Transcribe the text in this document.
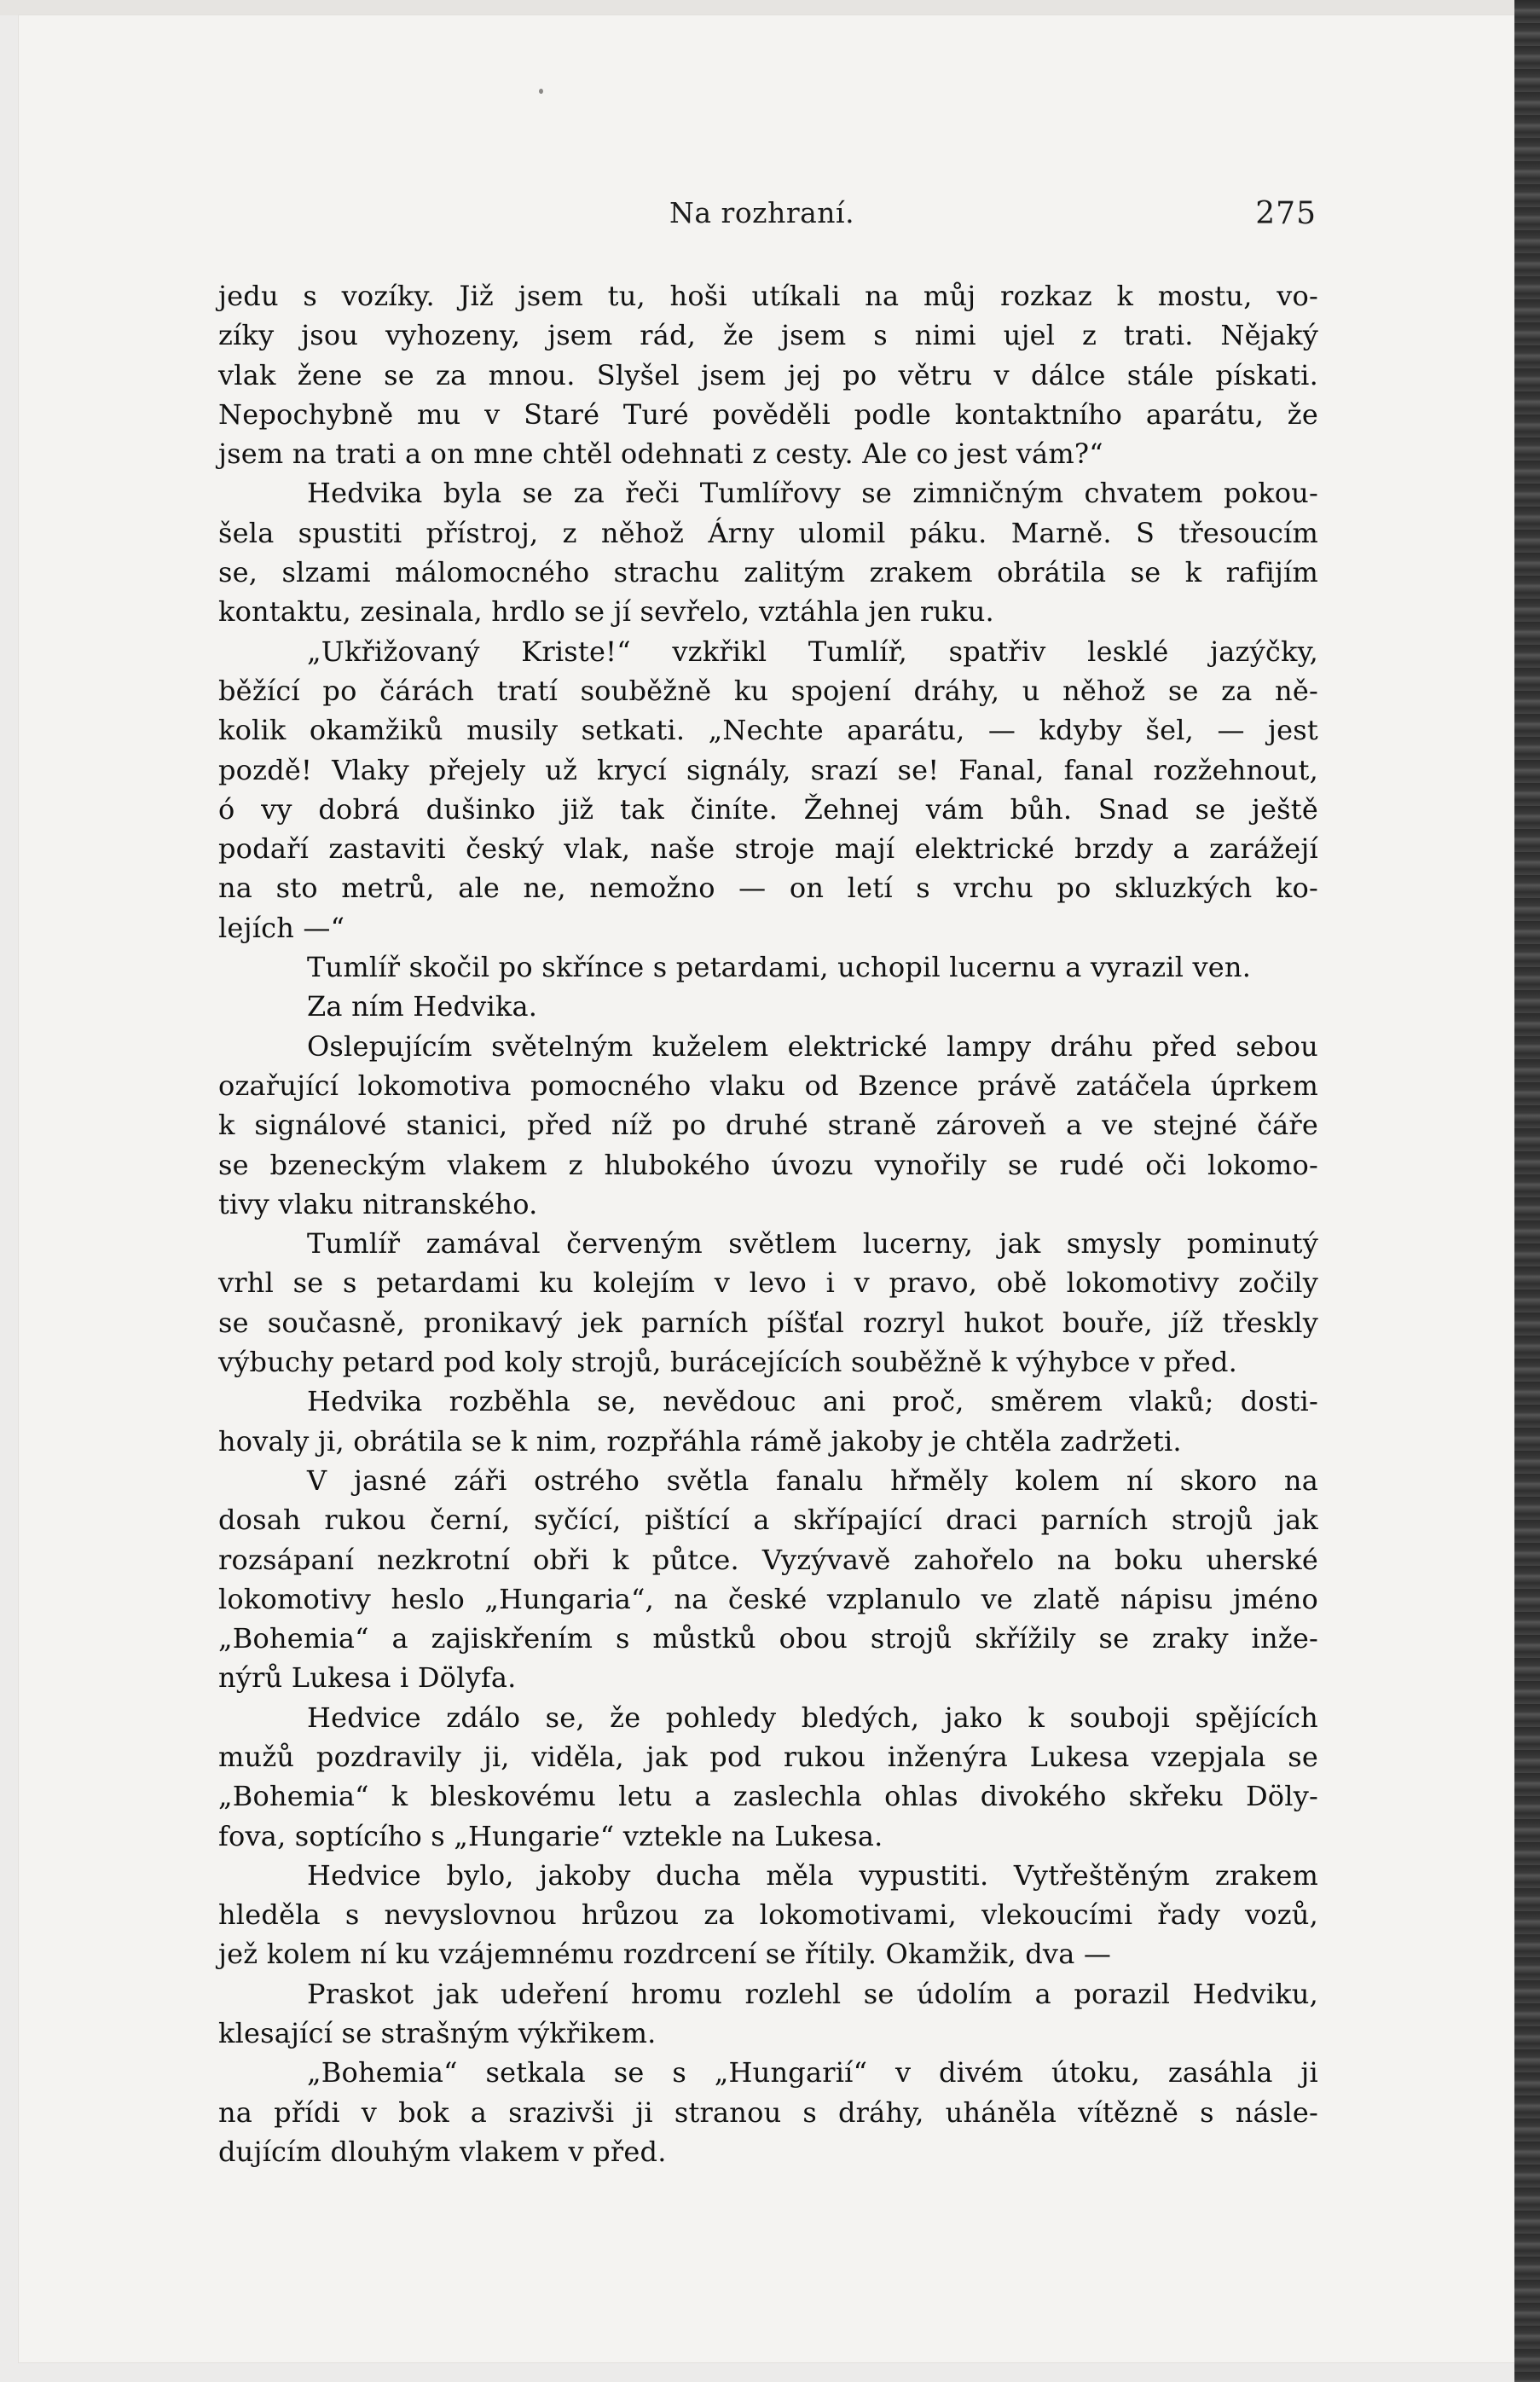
Na rozhraní.	275

jedu s vozíky. Již jsem tu, hoši utíkali na můj rozkaz k mostu, vo-

zíky jsou vyhozeny, jsem rád, že jsem s nimi ujel z trati. Nějaký

vlak žene se za mnou. Slyšel jsem jej po větru v dálce stále pískati.

Nepochybně mu v Staré Turé pověděli podle kontaktního aparátu, že

jsem na trati a on mne chtěl odehnati z cesty. Ale co jest vám?“

Hedvika byla se za řeči Tumlířovy se zimničným chvatem pokou-

šela spustiti přístroj, z něhož Árny ulomil páku. Marně. S třesoucím

se, slzami málomocného strachu zalitým zrakem obrátila se k rafijím

kontaktu, zesinala, hrdlo se jí sevřelo, vztáhla jen ruku.

„Ukřižovaný Kriste!“ vzkřikl Tumlíř, spatřiv lesklé jazýčky,

běžící po čárách tratí souběžně ku spojení dráhy, u něhož se za ně-

kolik okamžiků musily setkati. „Nechte aparátu, — kdyby šel, — jest

pozdě! Vlaky přejely už krycí signály, srazí se! Fanal, fanal rozžehnout,

ó vy dobrá dušinko již tak činíte. Žehnej vám bůh. Snad se ještě

podaří zastaviti český vlak, naše stroje mají elektrické brzdy a zarážejí

na sto metrů, ale ne, nemožno — on letí s vrchu po skluzkých ko-

lejích —“

Tumlíř skočil po skřínce s petardami, uchopil lucernu a vyrazil ven.

Za ním Hedvika.

Oslepujícím světelným kuželem elektrické lampy dráhu před sebou

ozařující lokomotiva pomocného vlaku od Bzence právě zatáčela úprkem

k signálové stanici, před níž po druhé straně zároveň a ve stejné čáře

se bzeneckým vlakem z hlubokého úvozu vynořily se rudé oči lokomo-

tivy vlaku nitranského.

Tumlíř zamával červeným světlem lucerny, jak smysly pominutý

vrhl se s petardami ku kolejím v levo i v pravo, obě lokomotivy zočily

se současně, pronikavý jek parních píšťal rozryl hukot bouře, jíž třeskly

výbuchy petard pod koly strojů, burácejících souběžně k výhybce v před.

Hedvika rozběhla se, nevědouc ani proč, směrem vlaků; dosti-

hovaly ji, obrátila se k nim, rozpřáhla rámě jakoby je chtěla zadržeti.

V jasné záři ostrého světla fanalu hřměly kolem ní skoro na

dosah rukou černí, syčící, pištící a skřípající draci parních strojů jak

rozsápaní nezkrotní obři k půtce. Vyzývavě zahořelo na boku uherské

lokomotivy heslo „Hungaria“, na české vzplanulo ve zlatě nápisu jméno

„Bohemia“ a zajiskřením s můstků obou strojů skřížily se zraky inže-

nýrů Lukesa i Dölyfa.

Hedvice zdálo se, že pohledy bledých, jako k souboji spějících

mužů pozdravily ji, viděla, jak pod rukou inženýra Lukesa vzepjala se

„Bohemia“ k bleskovému letu a zaslechla ohlas divokého skřeku Döly-

fova, soptícího s „Hungarie“ vztekle na Lukesa.

Hedvice bylo, jakoby ducha měla vypustiti. Vytřeštěným zrakem

hleděla s nevyslovnou hrůzou za lokomotivami, vlekoucími řady vozů,

jež kolem ní ku vzájemnému rozdrcení se řítily. Okamžik, dva —

Praskot jak udeření hromu rozlehl se údolím a porazil Hedviku,

klesající se strašným výkřikem.

„Bohemia“ setkala se s „Hungarií“ v divém útoku, zasáhla ji

na přídi v bok a srazivši ji stranou s dráhy, uháněla vítězně s násle-

dujícím dlouhým vlakem v před.
